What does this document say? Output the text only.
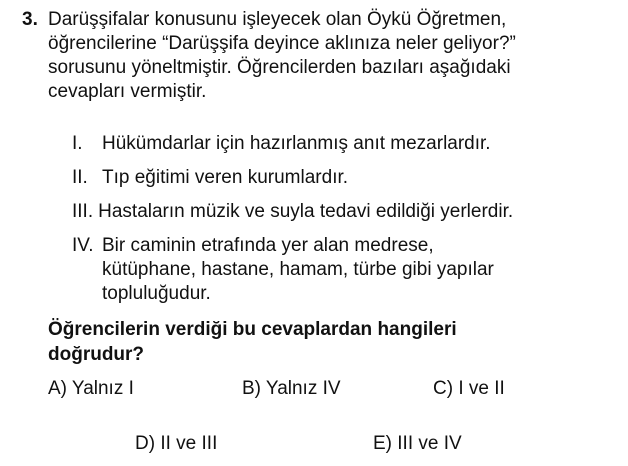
3. Darüşşifalar konusunu işleyecek olan Öykü Öğretmen,
öğrencilerine “Darüşşifa deyince aklınıza neler geliyor?”
sorusunu yöneltmiştir. Öğrencilerden bazıları aşağıdaki
cevapları vermiştir.
I. Hükümdarlar için hazırlanmış anıt mezarlardır.
II. Tıp eğitimi veren kurumlardır.
III. Hastaların müzik ve suyla tedavi edildiği yerlerdir.
IV. Bir caminin etrafında yer alan medrese,
kütüphane, hastane, hamam, türbe gibi yapılar
topluluğudur.
Öğrencilerin verdiği bu cevaplardan hangileri
doğrudur?
A) Yalnız I	B) Yalnız IV	C) I ve II
D) II ve III	E) III ve IV
